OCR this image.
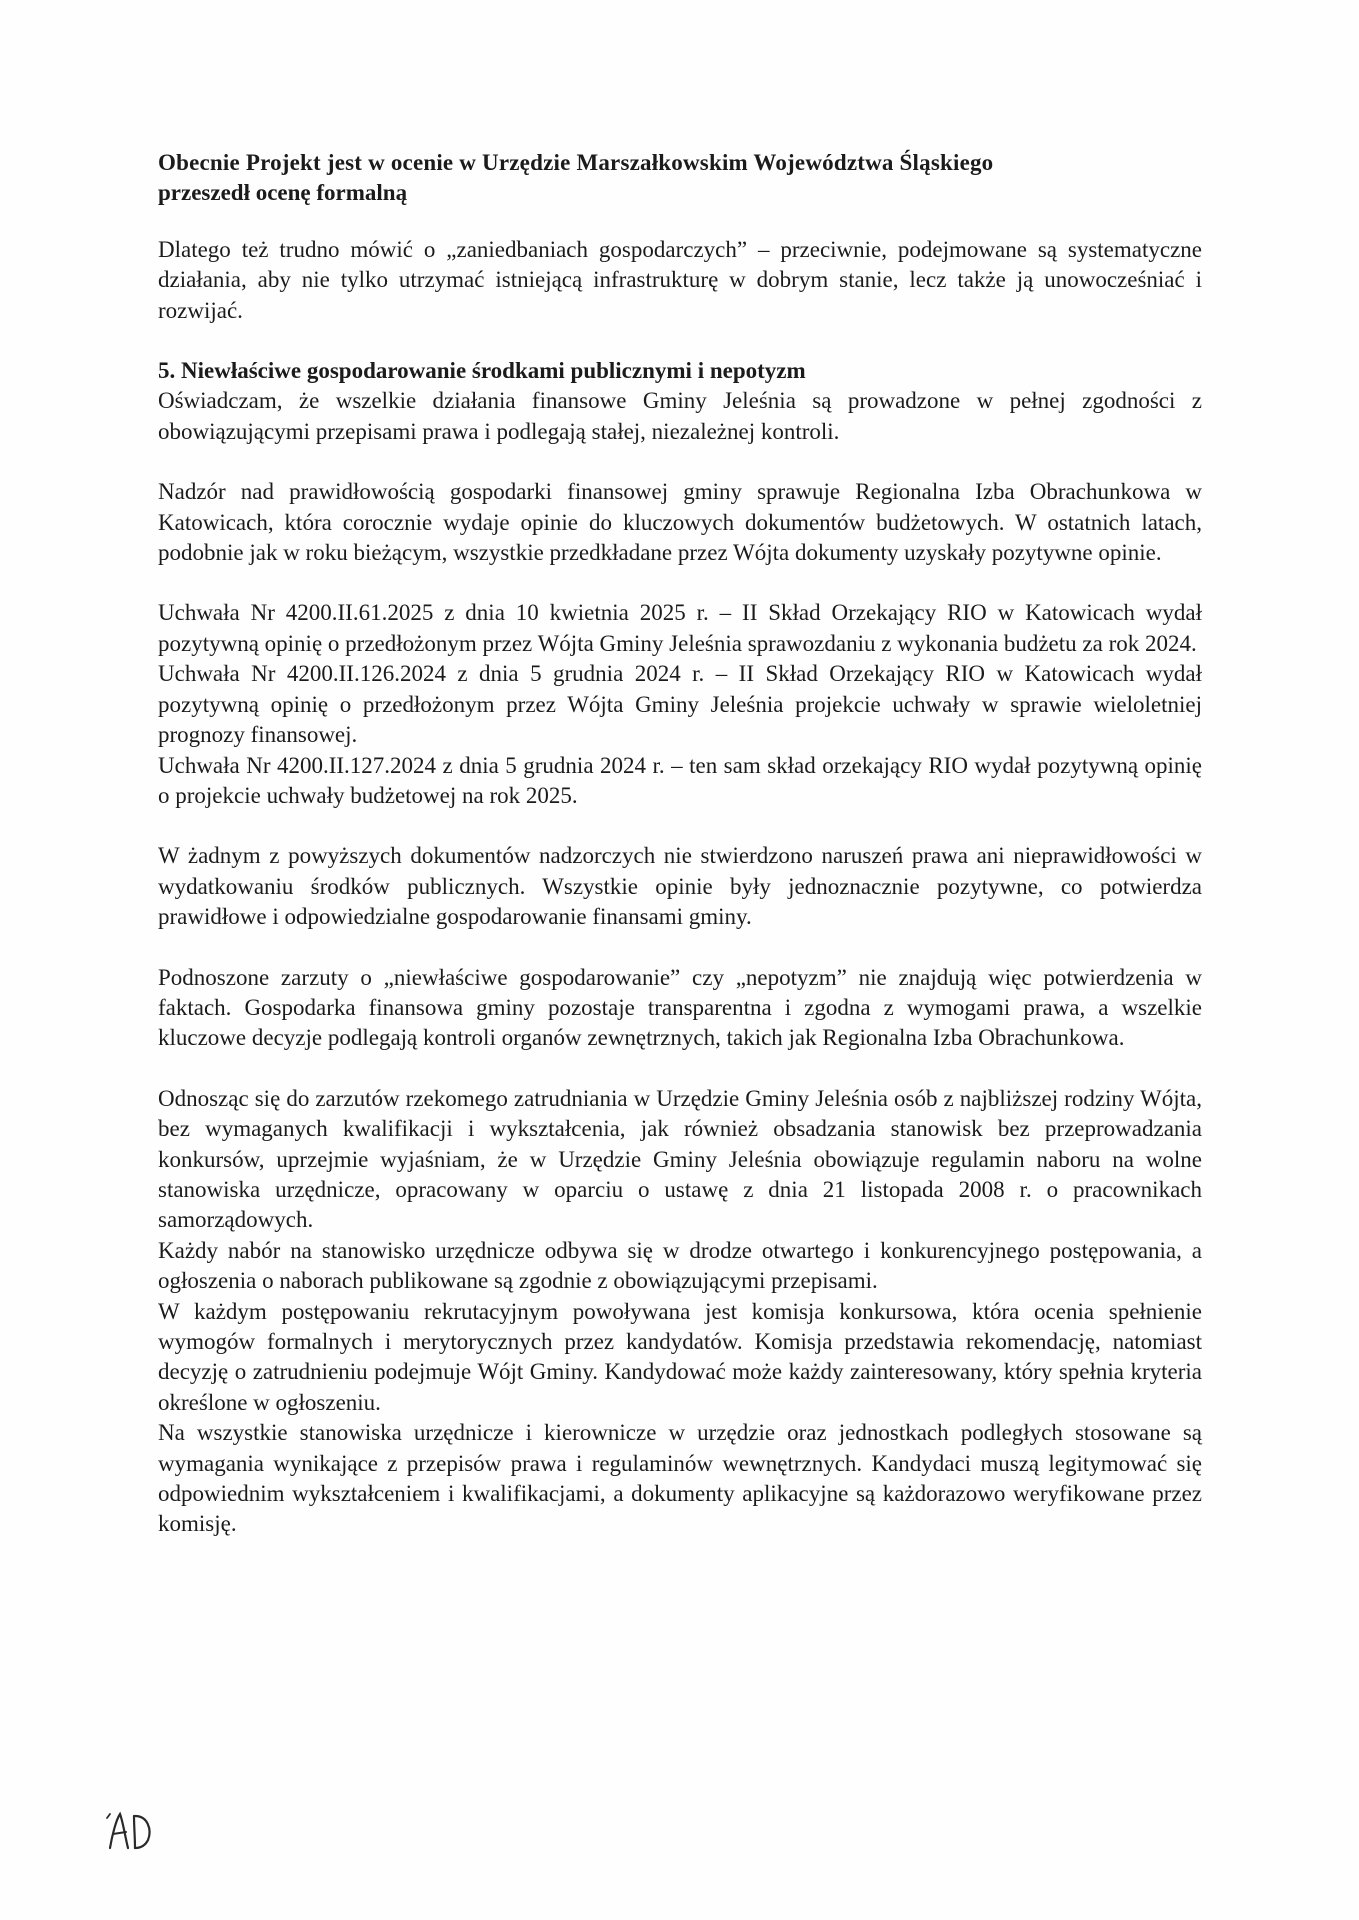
Obecnie Projekt jest w ocenie w Urzędzie Marszałkowskim Województwa Śląskiego

przeszedł ocenę formalną

Dlatego też trudno mówić o „zaniedbaniach gospodarczych” – przeciwnie, podejmowane są systematyczne działania, aby nie tylko utrzymać istniejącą infrastrukturę w dobrym stanie, lecz także ją unowocześniać i rozwijać.

5. Niewłaściwe gospodarowanie środkami publicznymi i nepotyzm

Oświadczam, że wszelkie działania finansowe Gminy Jeleśnia są prowadzone w pełnej zgodności z obowiązującymi przepisami prawa i podlegają stałej, niezależnej kontroli.

Nadzór nad prawidłowością gospodarki finansowej gminy sprawuje Regionalna Izba Obrachunkowa w Katowicach, która corocznie wydaje opinie do kluczowych dokumentów budżetowych. W ostatnich latach, podobnie jak w roku bieżącym, wszystkie przedkładane przez Wójta dokumenty uzyskały pozytywne opinie.

Uchwała Nr 4200.II.61.2025 z dnia 10 kwietnia 2025 r. – II Skład Orzekający RIO w Katowicach wydał pozytywną opinię o przedłożonym przez Wójta Gminy Jeleśnia sprawozdaniu z wykonania budżetu za rok 2024.

Uchwała Nr 4200.II.126.2024 z dnia 5 grudnia 2024 r. – II Skład Orzekający RIO w Katowicach wydał pozytywną opinię o przedłożonym przez Wójta Gminy Jeleśnia projekcie uchwały w sprawie wieloletniej prognozy finansowej.

Uchwała Nr 4200.II.127.2024 z dnia 5 grudnia 2024 r. – ten sam skład orzekający RIO wydał pozytywną opinię o projekcie uchwały budżetowej na rok 2025.

W żadnym z powyższych dokumentów nadzorczych nie stwierdzono naruszeń prawa ani nieprawidłowości w wydatkowaniu środków publicznych. Wszystkie opinie były jednoznacznie pozytywne, co potwierdza prawidłowe i odpowiedzialne gospodarowanie finansami gminy.

Podnoszone zarzuty o „niewłaściwe gospodarowanie” czy „nepotyzm” nie znajdują więc potwierdzenia w faktach. Gospodarka finansowa gminy pozostaje transparentna i zgodna z wymogami prawa, a wszelkie kluczowe decyzje podlegają kontroli organów zewnętrznych, takich jak Regionalna Izba Obrachunkowa.

Odnosząc się do zarzutów rzekomego zatrudniania w Urzędzie Gminy Jeleśnia osób z najbliższej rodziny Wójta, bez wymaganych kwalifikacji i wykształcenia, jak również obsadzania stanowisk bez przeprowadzania konkursów, uprzejmie wyjaśniam, że w Urzędzie Gminy Jeleśnia obowiązuje regulamin naboru na wolne stanowiska urzędnicze, opracowany w oparciu o ustawę z dnia 21 listopada 2008 r. o pracownikach samorządowych.

Każdy nabór na stanowisko urzędnicze odbywa się w drodze otwartego i konkurencyjnego postępowania, a ogłoszenia o naborach publikowane są zgodnie z obowiązującymi przepisami.

W każdym postępowaniu rekrutacyjnym powoływana jest komisja konkursowa, która ocenia spełnienie wymogów formalnych i merytorycznych przez kandydatów. Komisja przedstawia rekomendację, natomiast decyzję o zatrudnieniu podejmuje Wójt Gminy. Kandydować może każdy zainteresowany, który spełnia kryteria określone w ogłoszeniu.

Na wszystkie stanowiska urzędnicze i kierownicze w urzędzie oraz jednostkach podległych stosowane są wymagania wynikające z przepisów prawa i regulaminów wewnętrznych. Kandydaci muszą legitymować się odpowiednim wykształceniem i kwalifikacjami, a dokumenty aplikacyjne są każdorazowo weryfikowane przez komisję.
